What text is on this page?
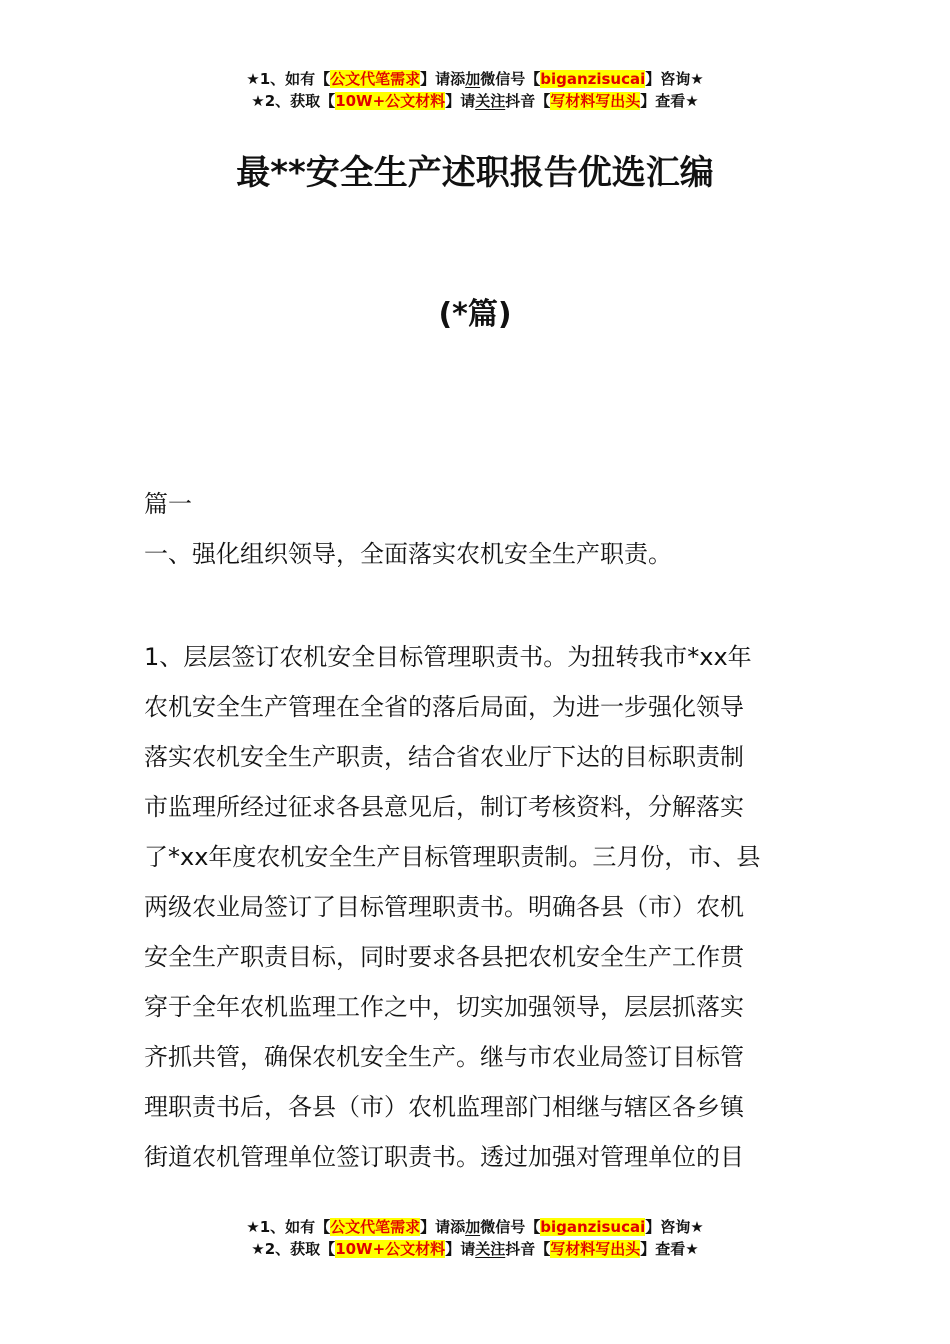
★1、如有【公文代笔需求】请添加微信号【biganzisucai】咨询★
★2、获取【10W+公文材料】请关注抖音【写材料写出头】查看★
最**安全生产述职报告优选汇编
(*篇)
篇一
一、强化组织领导，全面落实农机安全生产职责。
1、层层签订农机安全目标管理职责书。为扭转我市*xx年
农机安全生产管理在全省的落后局面，为进一步强化领导
落实农机安全生产职责，结合省农业厅下达的目标职责制
市监理所经过征求各县意见后，制订考核资料，分解落实
了*xx年度农机安全生产目标管理职责制。三月份，市、县
两级农业局签订了目标管理职责书。明确各县（市）农机
安全生产职责目标，同时要求各县把农机安全生产工作贯
穿于全年农机监理工作之中，切实加强领导，层层抓落实
齐抓共管，确保农机安全生产。继与市农业局签订目标管
理职责书后，各县（市）农机监理部门相继与辖区各乡镇
街道农机管理单位签订职责书。透过加强对管理单位的目
★1、如有【公文代笔需求】请添加微信号【biganzisucai】咨询★
★2、获取【10W+公文材料】请关注抖音【写材料写出头】查看★
